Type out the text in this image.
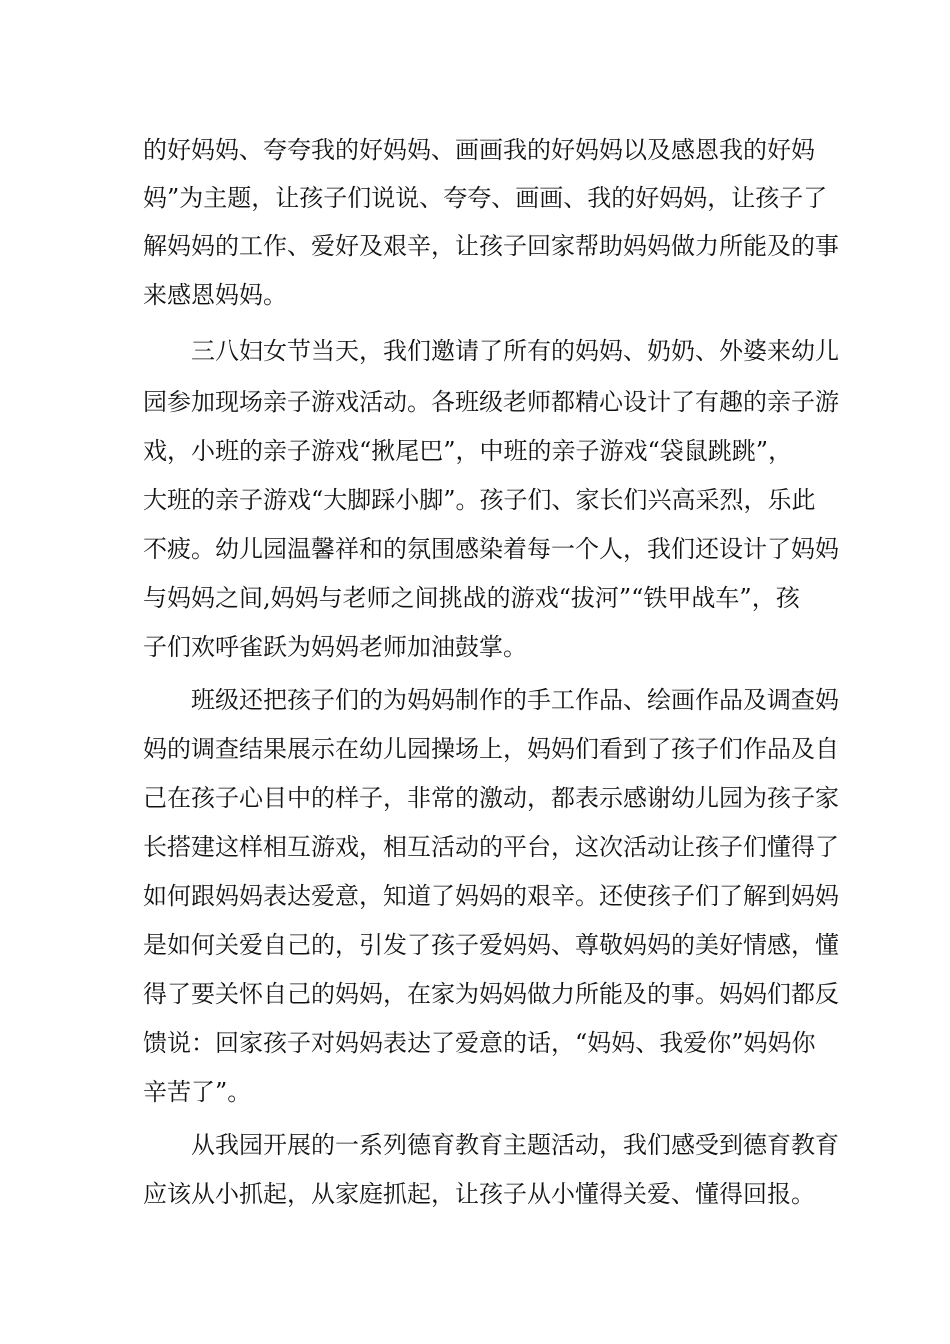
的好妈妈、夸夸我的好妈妈、画画我的好妈妈以及感恩我的好妈
妈”为主题，让孩子们说说、夸夸、画画、我的好妈妈，让孩子了
解妈妈的工作、爱好及艰辛，让孩子回家帮助妈妈做力所能及的事
来感恩妈妈。
三八妇女节当天，我们邀请了所有的妈妈、奶奶、外婆来幼儿
园参加现场亲子游戏活动。各班级老师都精心设计了有趣的亲子游
戏，小班的亲子游戏“揪尾巴”，中班的亲子游戏“袋鼠跳跳”，
大班的亲子游戏“大脚踩小脚”。孩子们、家长们兴高采烈，乐此
不疲。幼儿园温馨祥和的氛围感染着每一个人，我们还设计了妈妈
与妈妈之间,妈妈与老师之间挑战的游戏“拔河”“铁甲战车”，孩
子们欢呼雀跃为妈妈老师加油鼓掌。
班级还把孩子们的为妈妈制作的手工作品、绘画作品及调查妈
妈的调查结果展示在幼儿园操场上，妈妈们看到了孩子们作品及自
己在孩子心目中的样子，非常的激动，都表示感谢幼儿园为孩子家
长搭建这样相互游戏，相互活动的平台，这次活动让孩子们懂得了
如何跟妈妈表达爱意，知道了妈妈的艰辛。还使孩子们了解到妈妈
是如何关爱自己的，引发了孩子爱妈妈、尊敬妈妈的美好情感，懂
得了要关怀自己的妈妈，在家为妈妈做力所能及的事。妈妈们都反
馈说：回家孩子对妈妈表达了爱意的话，“妈妈、我爱你”妈妈你
辛苦了”。
从我园开展的一系列德育教育主题活动，我们感受到德育教育
应该从小抓起，从家庭抓起，让孩子从小懂得关爱、懂得回报。
